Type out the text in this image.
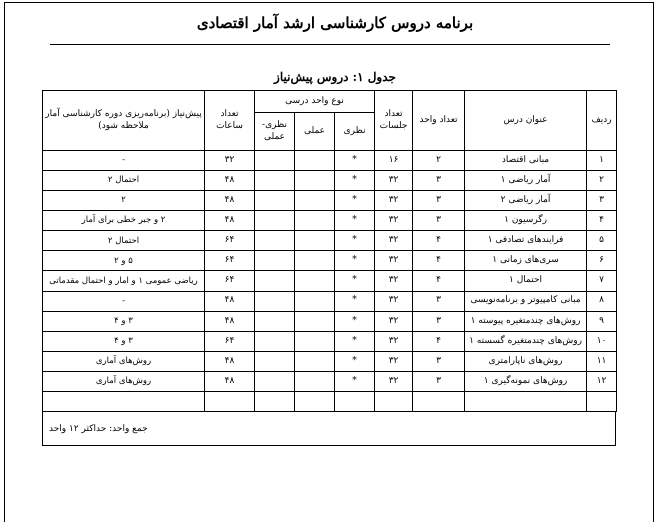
برنامه دروس کارشناسی ارشد آمار اقتصادی
جدول ۱: دروس پیش‌نیاز
ردیف	عنوان درس	تعداد واحد	تعداد جلسات	نوع واحد درسی			تعداد ساعات	پیش‌نیاز (برنامه‌ریزی دوره کارشناسی آمار ملاحظه شود)
				نظری	عملی	نظری-عملی		
۱	مبانی اقتصاد	۲	۱۶	*			۳۲	-
۲	آمار ریاضی ۱	۳	۳۲	*			۴۸	احتمال ۲
۳	آمار ریاضی ۲	۳	۳۲	*			۴۸	۲
۴	رگرسیون ۱	۳	۳۲	*			۴۸	۲ و جبر خطی برای آمار
۵	فرایندهای تصادفی ۱	۴	۳۲	*			۶۴	احتمال ۲
۶	سری‌های زمانی ۱	۴	۳۲	*			۶۴	۵ و ۲
۷	احتمال ۱	۴	۳۲	*			۶۴	ریاضی عمومی ۱ و امار و احتمال مقدماتی
۸	مبانی کامپیوتر و برنامه‌نویسی	۳	۳۲	*			۴۸	-
۹	روش‌های چندمتغیره پیوسته ۱	۳	۳۲	*			۴۸	۳ و ۴
۱۰	روش‌های چندمتغیره گسسته ۱	۴	۳۲	*			۶۴	۳ و ۴
۱۱	روش‌های ناپارامتری	۳	۳۲	*			۴۸	روش‌های آماری
۱۲	روش‌های نمونه‌گیری ۱	۳	۳۲	*			۴۸	روش‌های آماری

جمع واحد: حداکثر ۱۲ واحد
